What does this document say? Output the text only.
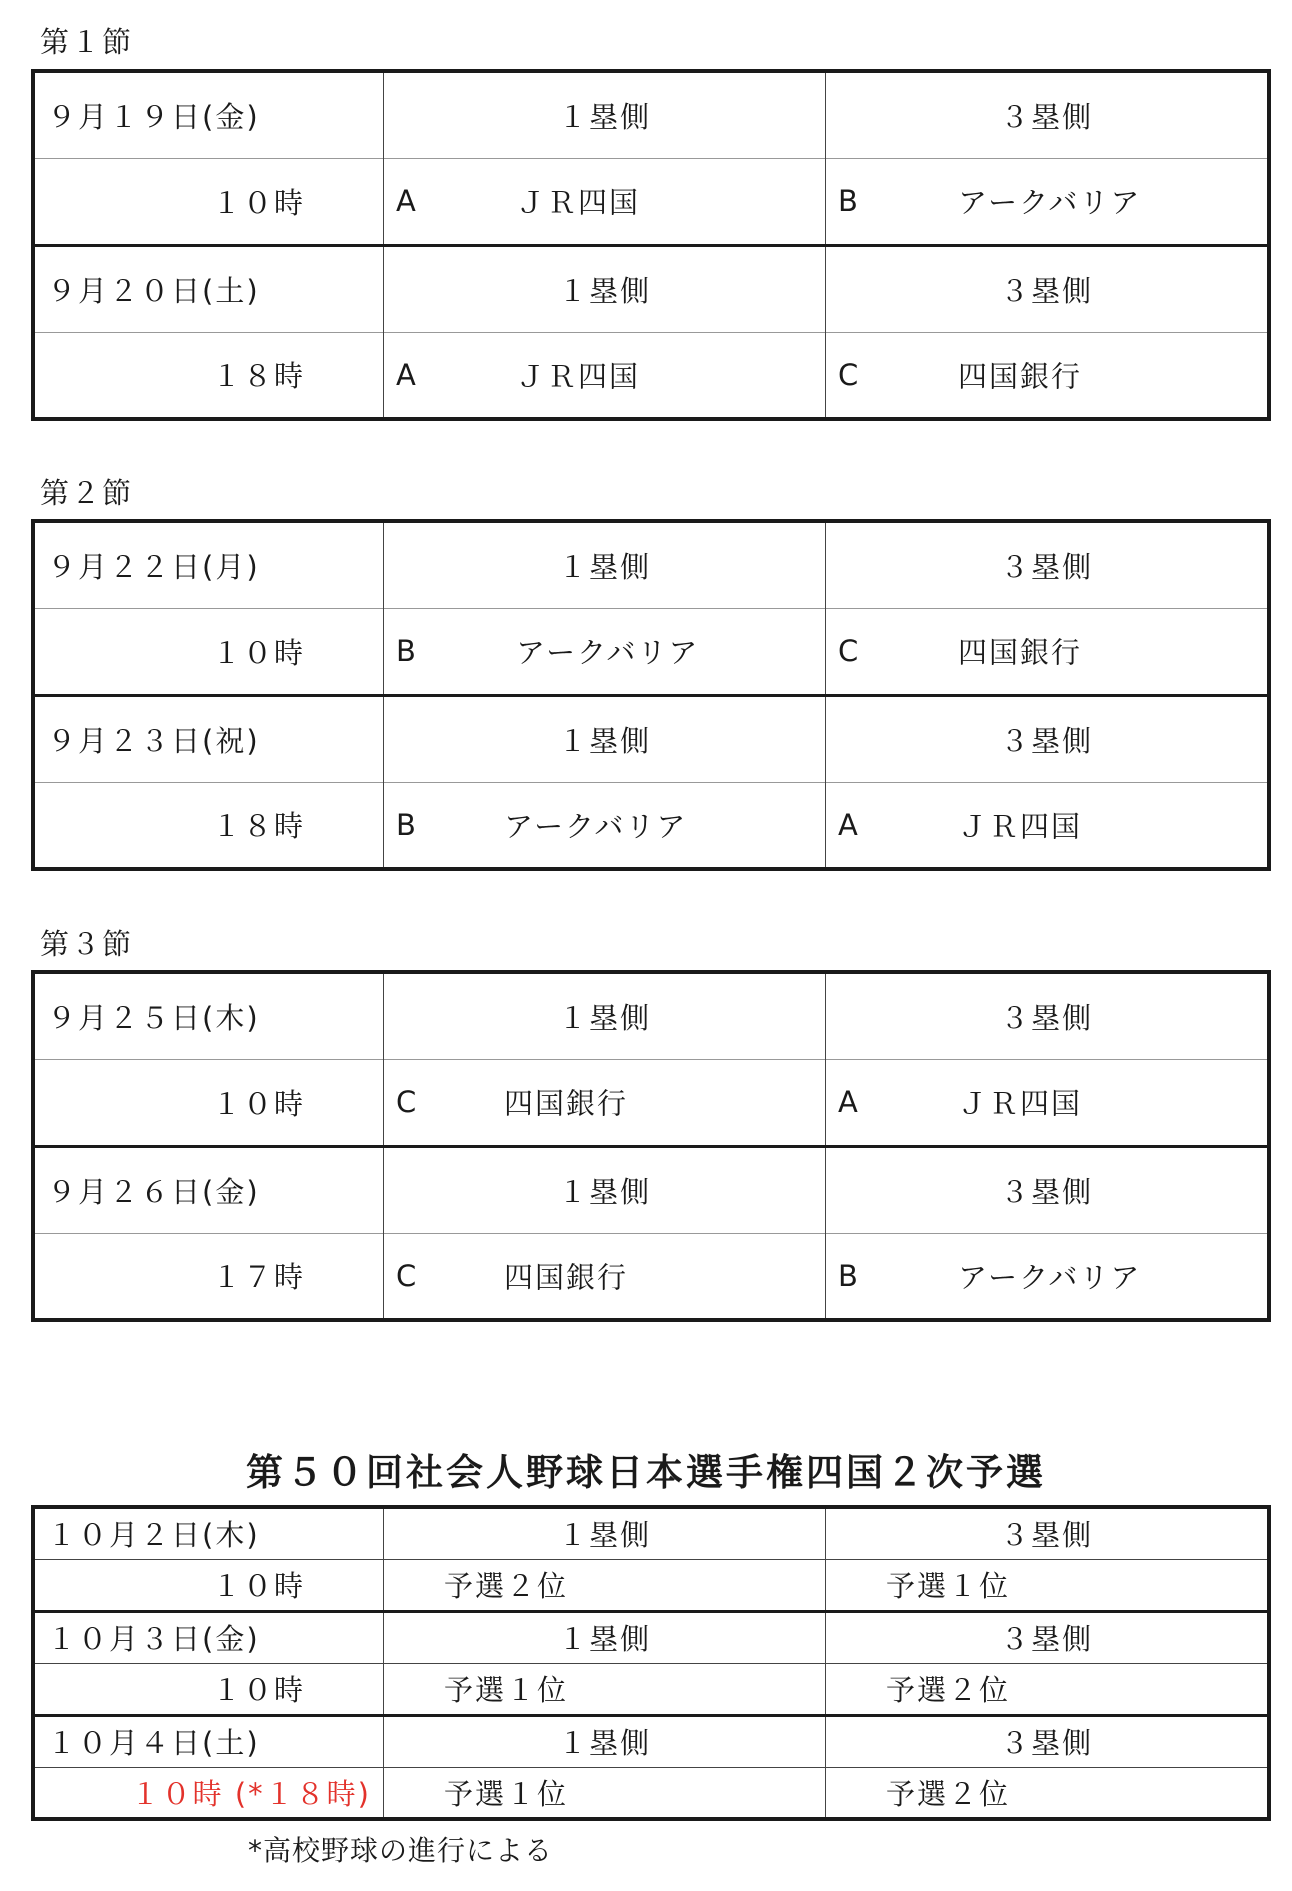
第１節
９月１９日(金)	１塁側	３塁側
１０時	A ＪＲ四国	B アークバリア

９月２０日(土)	１塁側	３塁側
１８時	A ＪＲ四国	C 四国銀行
第２節
９月２２日(月)	１塁側	３塁側
１０時	B アークバリア	C 四国銀行

９月２３日(祝)	１塁側	３塁側
１８時	B アークバリア	A ＪＲ四国
第３節
９月２５日(木)	１塁側	３塁側
１０時	C 四国銀行	A ＪＲ四国

９月２６日(金)	１塁側	３塁側
１７時	C 四国銀行	B アークバリア
第５０回社会人野球日本選手権四国２次予選
１０月２日(木)	１塁側	３塁側
１０時	予選２位	予選１位
１０月３日(金)	１塁側	３塁側
１０時	予選１位	予選２位
１０月４日(土)	１塁側	３塁側
１０時 (*１８時)	予選１位	予選２位
*高校野球の進行による
